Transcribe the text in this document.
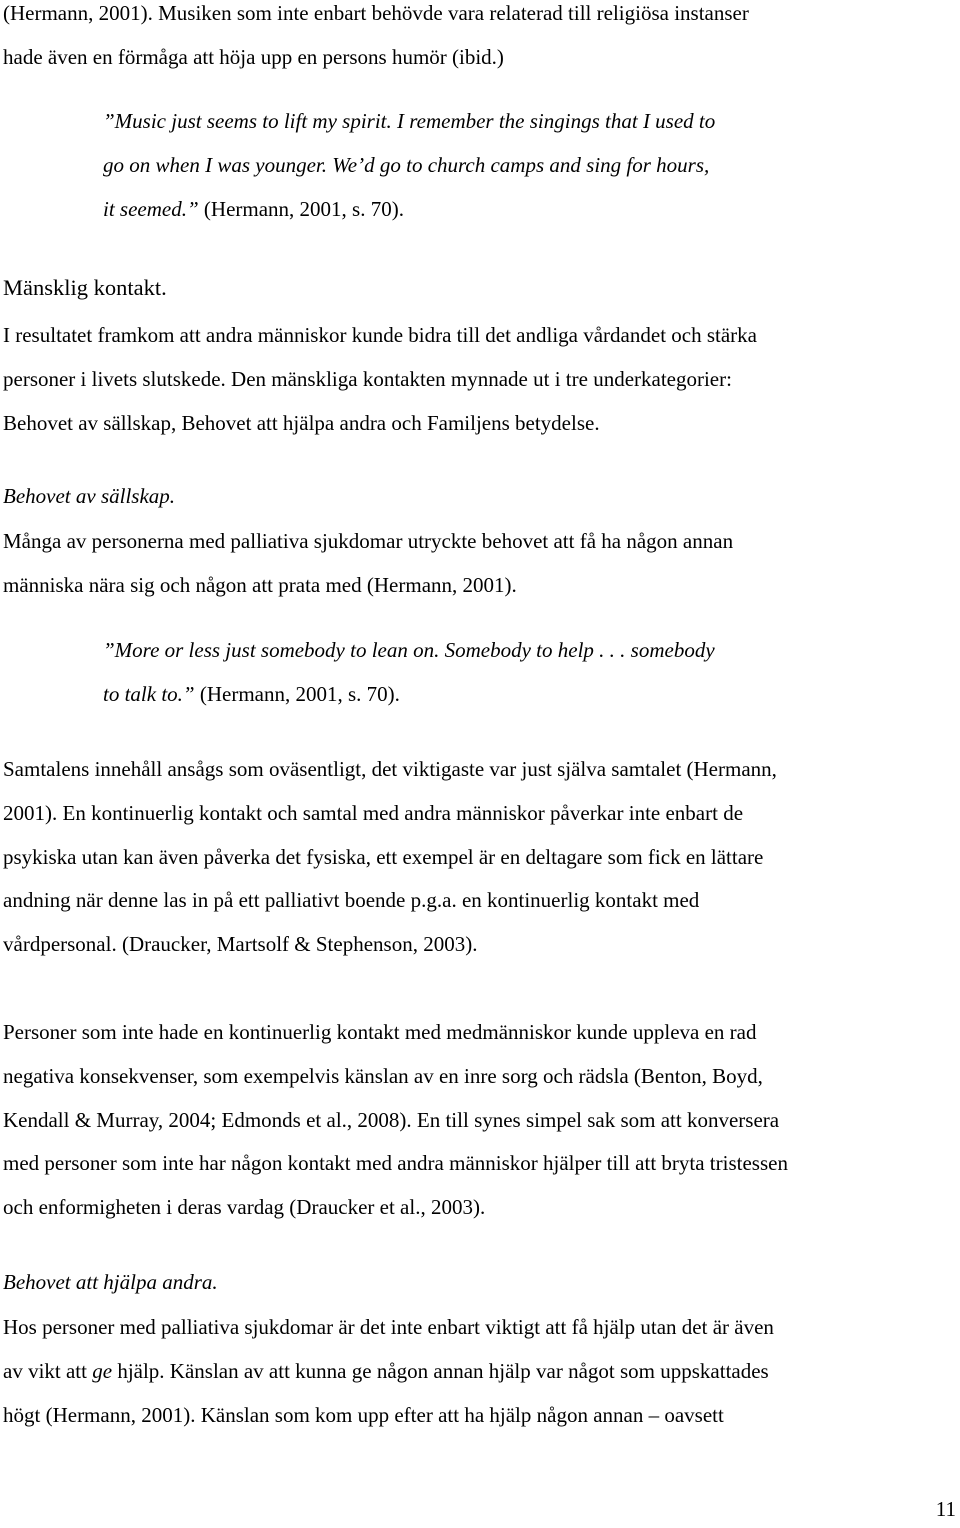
(Hermann, 2001). Musiken som inte enbart behövde vara relaterad till religiösa instanser
hade även en förmåga att höja upp en persons humör (ibid.)

”Music just seems to lift my spirit. I remember the singings that I used to
go on when I was younger. We’d go to church camps and sing for hours,
it seemed.” (Hermann, 2001, s. 70).

Mänsklig kontakt.

I resultatet framkom att andra människor kunde bidra till det andliga vårdandet och stärka
personer i livets slutskede. Den mänskliga kontakten mynnade ut i tre underkategorier:
Behovet av sällskap, Behovet att hjälpa andra och Familjens betydelse.

Behovet av sällskap.

Många av personerna med palliativa sjukdomar utryckte behovet att få ha någon annan
människa nära sig och någon att prata med (Hermann, 2001).

”More or less just somebody to lean on. Somebody to help . . . somebody
to talk to.” (Hermann, 2001, s. 70).

Samtalens innehåll ansågs som oväsentligt, det viktigaste var just själva samtalet (Hermann,
2001). En kontinuerlig kontakt och samtal med andra människor påverkar inte enbart de
psykiska utan kan även påverka det fysiska, ett exempel är en deltagare som fick en lättare
andning när denne las in på ett palliativt boende p.g.a. en kontinuerlig kontakt med
vårdpersonal. (Draucker, Martsolf & Stephenson, 2003).

Personer som inte hade en kontinuerlig kontakt med medmänniskor kunde uppleva en rad
negativa konsekvenser, som exempelvis känslan av en inre sorg och rädsla (Benton, Boyd,
Kendall & Murray, 2004; Edmonds et al., 2008). En till synes simpel sak som att konversera
med personer som inte har någon kontakt med andra människor hjälper till att bryta tristessen
och enformigheten i deras vardag (Draucker et al., 2003).

Behovet att hjälpa andra.

Hos personer med palliativa sjukdomar är det inte enbart viktigt att få hjälp utan det är även
av vikt att ge hjälp. Känslan av att kunna ge någon annan hjälp var något som uppskattades
högt (Hermann, 2001). Känslan som kom upp efter att ha hjälp någon annan – oavsett

11
